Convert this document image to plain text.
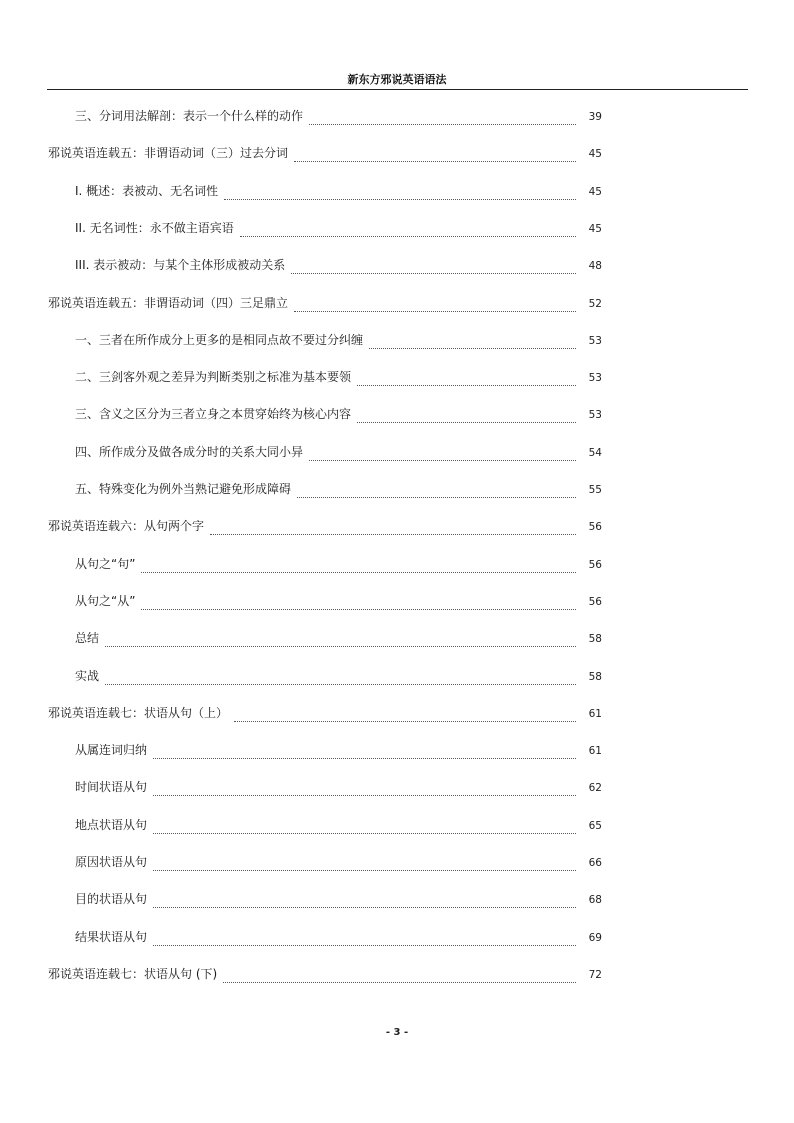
新东方邪说英语语法
三、分词用法解剖：表示一个什么样的动作	39
邪说英语连载五：非谓语动词（三）过去分词	45
I. 概述：表被动、无名词性	45
II. 无名词性：永不做主语宾语	45
III. 表示被动：与某个主体形成被动关系	48
邪说英语连载五：非谓语动词（四）三足鼎立	52
一、三者在所作成分上更多的是相同点故不要过分纠缠	53
二、三剑客外观之差异为判断类别之标准为基本要领	53
三、含义之区分为三者立身之本贯穿始终为核心内容	53
四、所作成分及做各成分时的关系大同小异	54
五、特殊变化为例外当熟记避免形成障碍	55
邪说英语连载六：从句两个字	56
从句之“句”	56
从句之“从”	56
总结	58
实战	58
邪说英语连载七：状语从句（上）	61
从属连词归纳	61
时间状语从句	62
地点状语从句	65
原因状语从句	66
目的状语从句	68
结果状语从句	69
邪说英语连载七：状语从句 (下)	72
- 3 -
